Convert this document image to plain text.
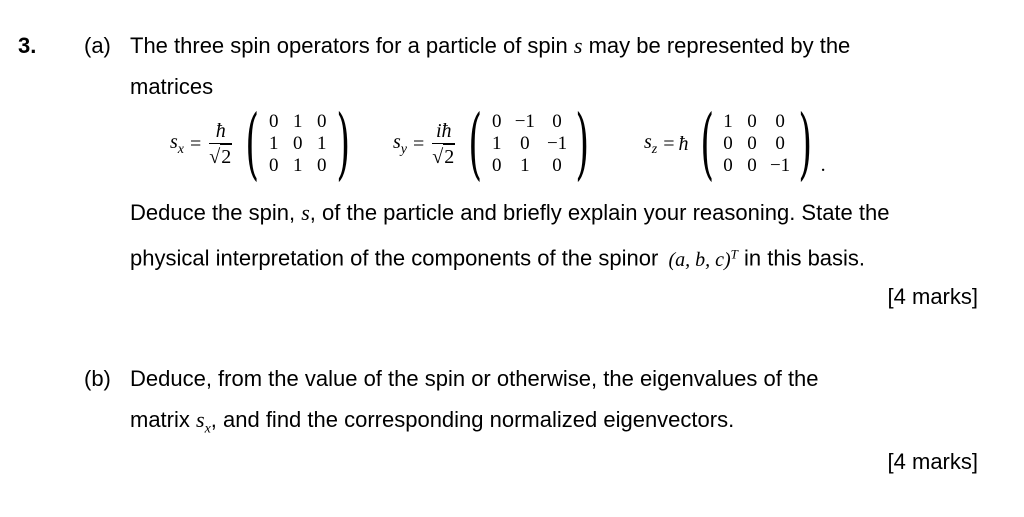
3. (a) The three spin operators for a particle of spin s may be represented by the
matrices
$s_x = \frac{ħ}{√2}$ ( 0 1 0
1 0 1
0 1 0 ) $s_y = \frac{iħ}{√2}$ ( 0 −1 0
1 0 −1
0 1 0 )	$s_z$ = ħ ( 1 0 0
0 0 0
0 0 −1 ) .
Deduce the spin, s, of the particle and briefly explain your reasoning. State the
physical interpretation of the components of the spinor (a, b, c)$^T$ in this basis.
[4 marks]
(b) Deduce, from the value of the spin or otherwise, the eigenvalues of the
matrix $s_x$, and find the corresponding normalized eigenvectors.
[4 marks]
